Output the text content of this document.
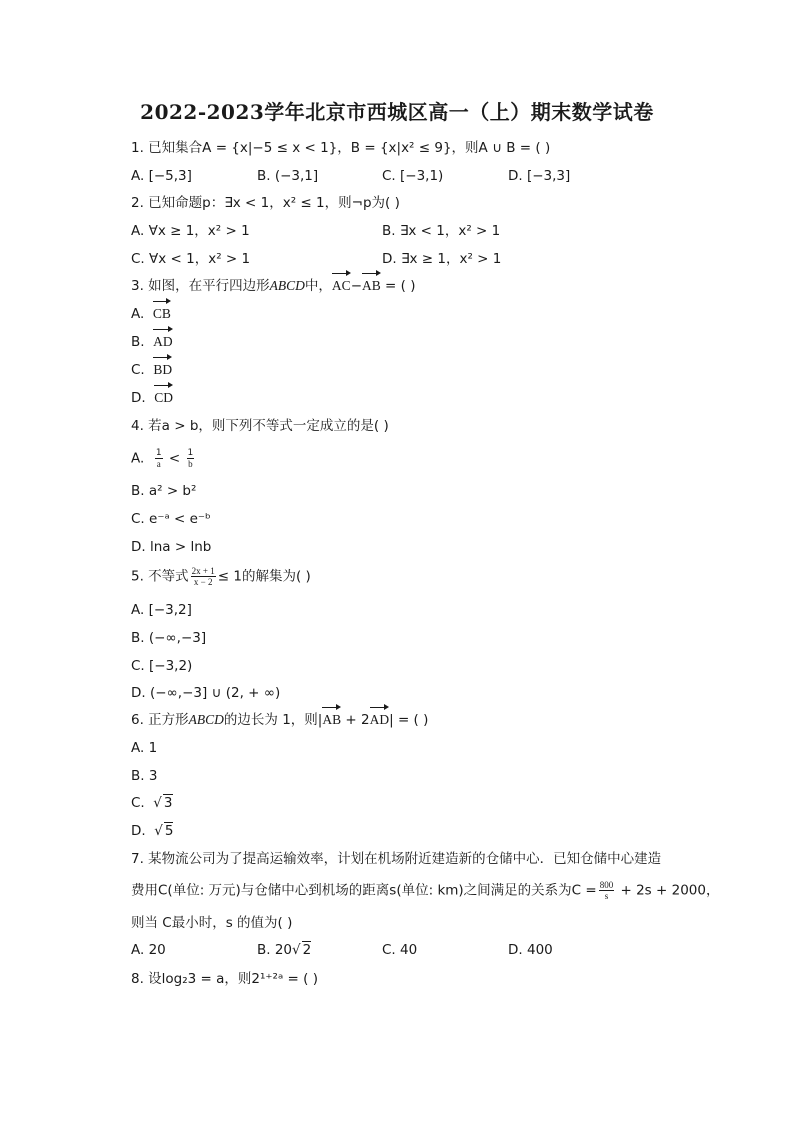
2022-2023学年北京市西城区高一（上）期末数学试卷
1. 已知集合A = {x|−5 ≤ x < 1}，B = {x|x² ≤ 9}，则A ∪ B = ( )
A. [−5,3]	B. (−3,1]	C. [−3,1)	D. [−3,3]
2. 已知命题p：∃x < 1，x² ≤ 1，则¬p为( )
A. ∀x ≥ 1，x² > 1	B. ∃x < 1，x² > 1
C. ∀x < 1，x² > 1	D. ∃x ≥ 1，x² > 1
3. 如图，在平行四边形ABCD中，AC−AB = ( )
A. CB
B. AD
C. BD
D. CD
4. 若a > b，则下列不等式一定成立的是( )
A. $\frac{1}{a} < \frac{1}{b}$
B. a² > b²
C. e⁻ᵃ < e⁻ᵇ
D. lna > lnb
5. 不等式 $\frac{2x + 1}{x - 2} \le 1$的解集为( )
A. [−3,2]
B. (−∞,−3]
C. [−3,2)
D. (−∞,−3] ∪ (2, + ∞)
6. 正方形ABCD的边长为 1，则|AB + 2AD| = ( )
A. 1
B. 3
C.  √ 3
D.  √ 5
7. 某物流公司为了提高运输效率，计划在机场附近建造新的仓储中心．已知仓储中心建造
费用C(单位: 万元)与仓储中心到机场的距离s(单位: km)之间满足的关系为$C = \frac{800}{s} + 2s + 2000$，
则当 C最小时，s 的值为( )
A. 20	B. 20√ 2	C. 40	D. 400
8. 设log₂3 = a，则2¹⁺²ᵃ = ( )
